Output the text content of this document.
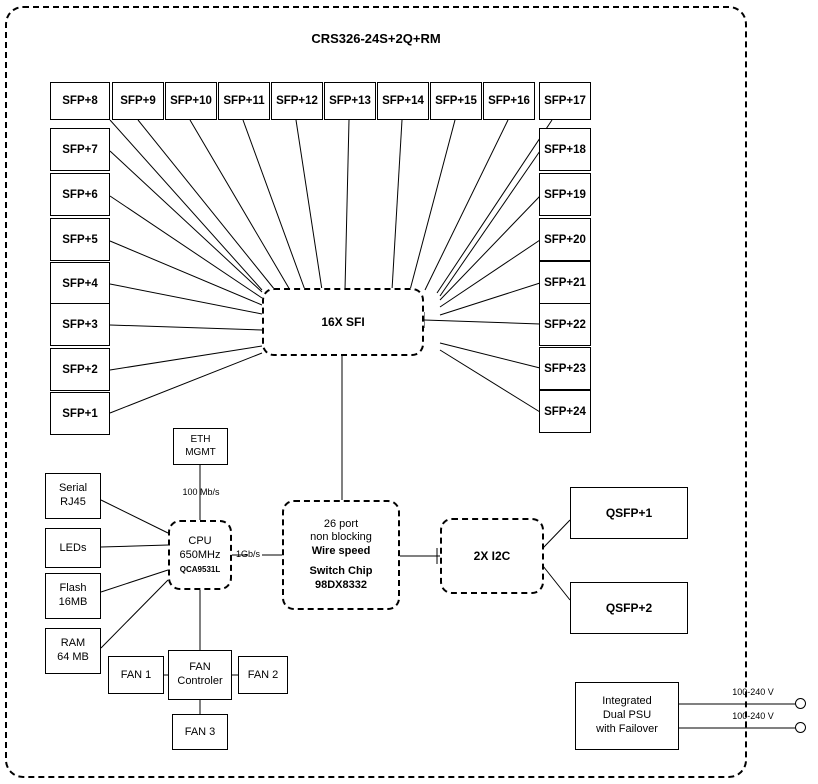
CRS326-24S+2Q+RM
SFP+8	SFP+9	SFP+10 SFP+11 SFP+12 SFP+13 SFP+14 SFP+15 SFP+16	SFP+17
SFP+7
SFP+6
SFP+5
SFP+4
SFP+3
SFP+2
SFP+1
SFP+18
SFP+19
SFP+20
SFP+21
SFP+22
SFP+23
SFP+24
16X SFI
ETH
MGMT
100 Mb/s
CPU
650MHz
QCA9531L
1Gb/s
26 port
non blocking
Wire speed
Switch Chip
98DX8332
2X I2C
QSFP+1
QSFP+2
Serial
RJ45
LEDs
Flash
16MB
RAM
64 MB
FAN 1
FAN
Controler	FAN 2
FAN 3
Integrated
Dual PSU
with Failover
100-240 V
100-240 V
